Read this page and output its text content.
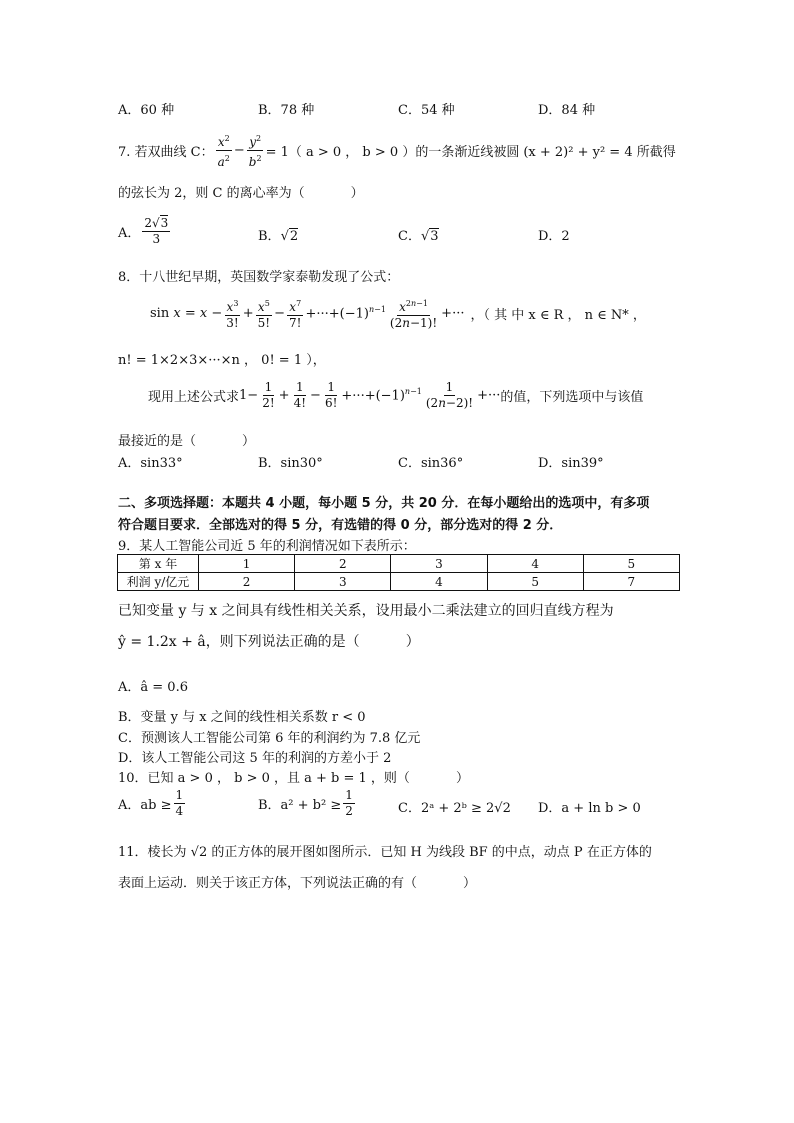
A．60 种	B．78 种	C．54 种	D．84 种
7. 若双曲线 C： $\frac{x^2}{a^2} - \frac{y^2}{b^2} = 1$（ a > 0 ， b > 0 ）的一条渐近线被圆 (x + 2)² + y² = 4 所截得
的弦长为 2，则 C 的离心率为（	）
A． $\frac{2√3}{3}$	B．√2	C．√3	D．2
8．十八世纪早期，英国数学家泰勒发现了公式：
$\sin x = x - \frac{x^3}{3!} + \frac{x^5}{5!} - \frac{x^7}{7!} +\cdot\cdot\cdot+(-1)^{n-1} \frac{x^{2n-1}}{(2n-1)!}$ +··· ，（ 其 中 x ∈ R ， n ∈ N* ，
n! = 1×2×3×···×n ， 0! = 1 ），
现用上述公式求 $1- \frac{1}{2!} + \frac{1}{4!} - \frac{1}{6!} +\cdot\cdot\cdot+(-1)^{n-1} \frac{1}{(2n-2)!}$ +··· 的值，下列选项中与该值
最接近的是（	）
A．sin33°	B．sin30°	C．sin36°	D．sin39°
二、多项选择题：本题共 4 小题，每小题 5 分，共 20 分．在每小题给出的选项中，有多项
符合题目要求．全部选对的得 5 分，有选错的得 0 分，部分选对的得 2 分．
9．某人工智能公司近 5 年的利润情况如下表所示：
第 x 年	1	2	3	4	5
利润 y/亿元	2	3	4	5	7
已知变量 y 与 x 之间具有线性相关关系，设用最小二乘法建立的回归直线方程为
ŷ = 1.2x + â，则下列说法正确的是（	）
A．â = 0.6
B．变量 y 与 x 之间的线性相关系数 r < 0
C．预测该人工智能公司第 6 年的利润约为 7.8 亿元
D．该人工智能公司这 5 年的利润的方差小于 2
10．已知 a > 0 ， b > 0 ，且 a + b = 1 ，则（	）
A．ab ≥ $\frac{1}{4}$	B．$a^2 + b^2 \ge \frac{1}{2}$	C．2ᵃ + 2ᵇ ≥ 2√2 D．a + ln b > 0
11．棱长为 √2 的正方体的展开图如图所示．已知 H 为线段 BF 的中点，动点 P 在正方体的
表面上运动．则关于该正方体，下列说法正确的有（	）
